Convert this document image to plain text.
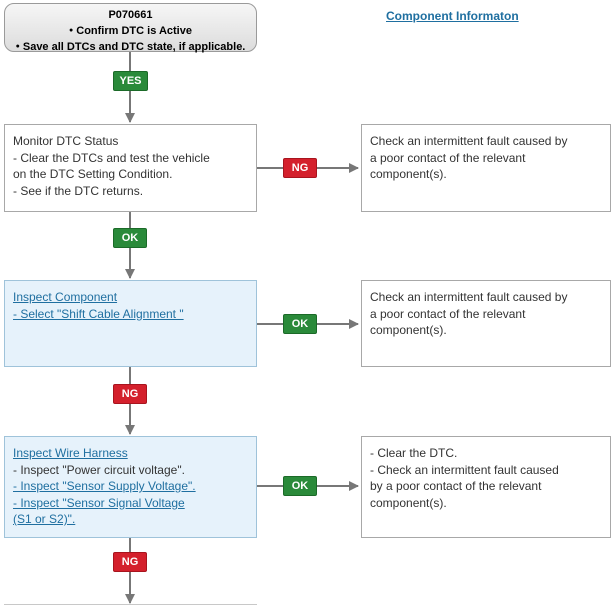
P070661
● Confirm DTC is Active
● Save all DTCs and DTC state, if applicable.
Component Informaton
Monitor DTC Status
- Clear the DTCs and test the vehicle
on the DTC Setting Condition.
- See if the DTC returns.
Inspect Component
- Select "Shift Cable Alignment "
Inspect Wire Harness
- Inspect "Power circuit voltage".
- Inspect "Sensor Supply Voltage".
- Inspect "Sensor Signal Voltage
(S1 or S2)".
Check an intermittent fault caused by
a poor contact of the relevant
component(s).
Check an intermittent fault caused by
a poor contact of the relevant
component(s).
- Clear the DTC.
- Check an intermittent fault caused
by a poor contact of the relevant
component(s).
YES
OK
NG
OK
NG
OK
NG
